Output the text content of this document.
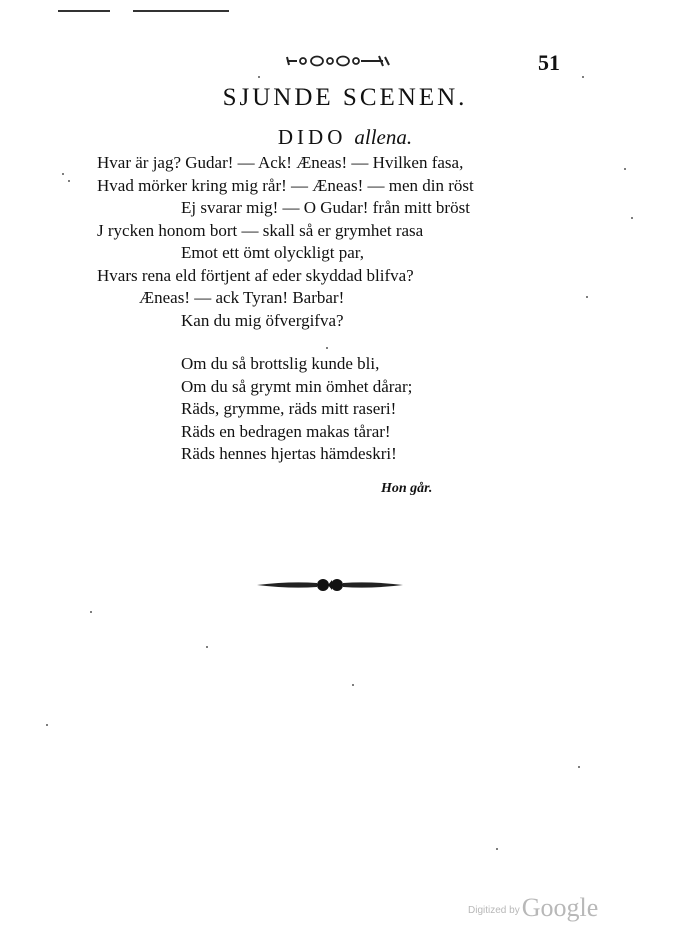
51
SJUNDE SCENEN.
DIDO allena.
Hvar är jag? Gudar! — Ack! Æneas! — Hvilken fasa,
Hvad mörker kring mig rår! — Æneas! — men din röst
Ej svarar mig! — O Gudar! från mitt bröst
J rycken honom bort — skall så er grymhet rasa
Emot ett ömt olyckligt par,
Hvars rena eld förtjent af eder skyddad blifva?
Æneas! — ack Tyran! Barbar!
Kan du mig öfvergifva?
Om du så brottslig kunde bli,
Om du så grymt min ömhet dårar;
Räds, grymme, räds mitt raseri!
Räds en bedragen makas tårar!
Räds hennes hjertas hämdeskri!
Hon går.
Digitized byGoogle
